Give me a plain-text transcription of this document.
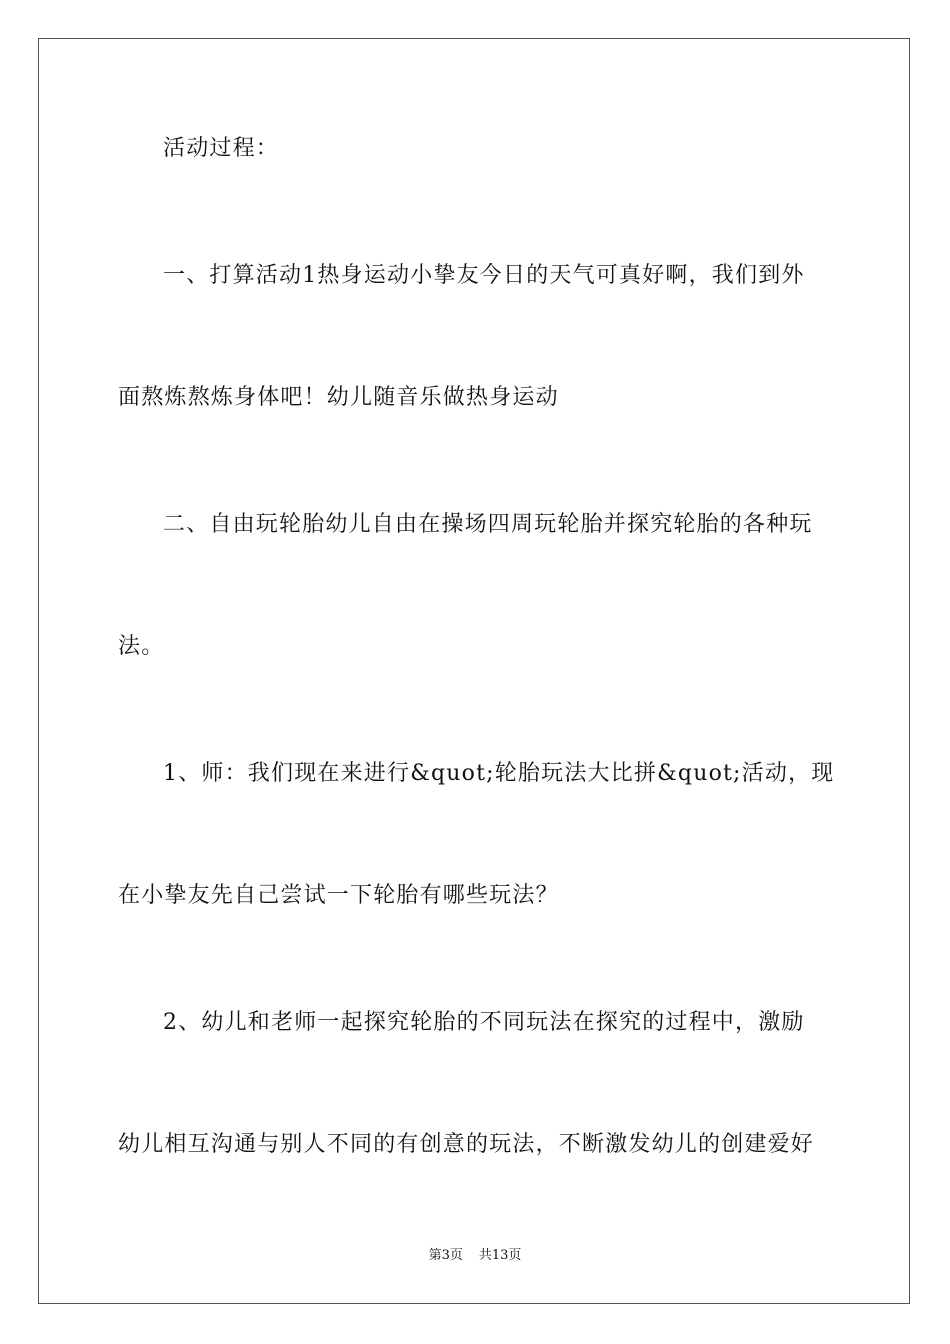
活动过程：
一、打算活动1热身运动小挚友今日的天气可真好啊，我们到外
面熬炼熬炼身体吧！幼儿随音乐做热身运动
二、自由玩轮胎幼儿自由在操场四周玩轮胎并探究轮胎的各种玩
法。
1、师：我们现在来进行&quot;轮胎玩法大比拼&quot;活动，现
在小挚友先自己尝试一下轮胎有哪些玩法？
2、幼儿和老师一起探究轮胎的不同玩法在探究的过程中，激励
幼儿相互沟通与别人不同的有创意的玩法，不断激发幼儿的创建爱好
第3页 共13页
